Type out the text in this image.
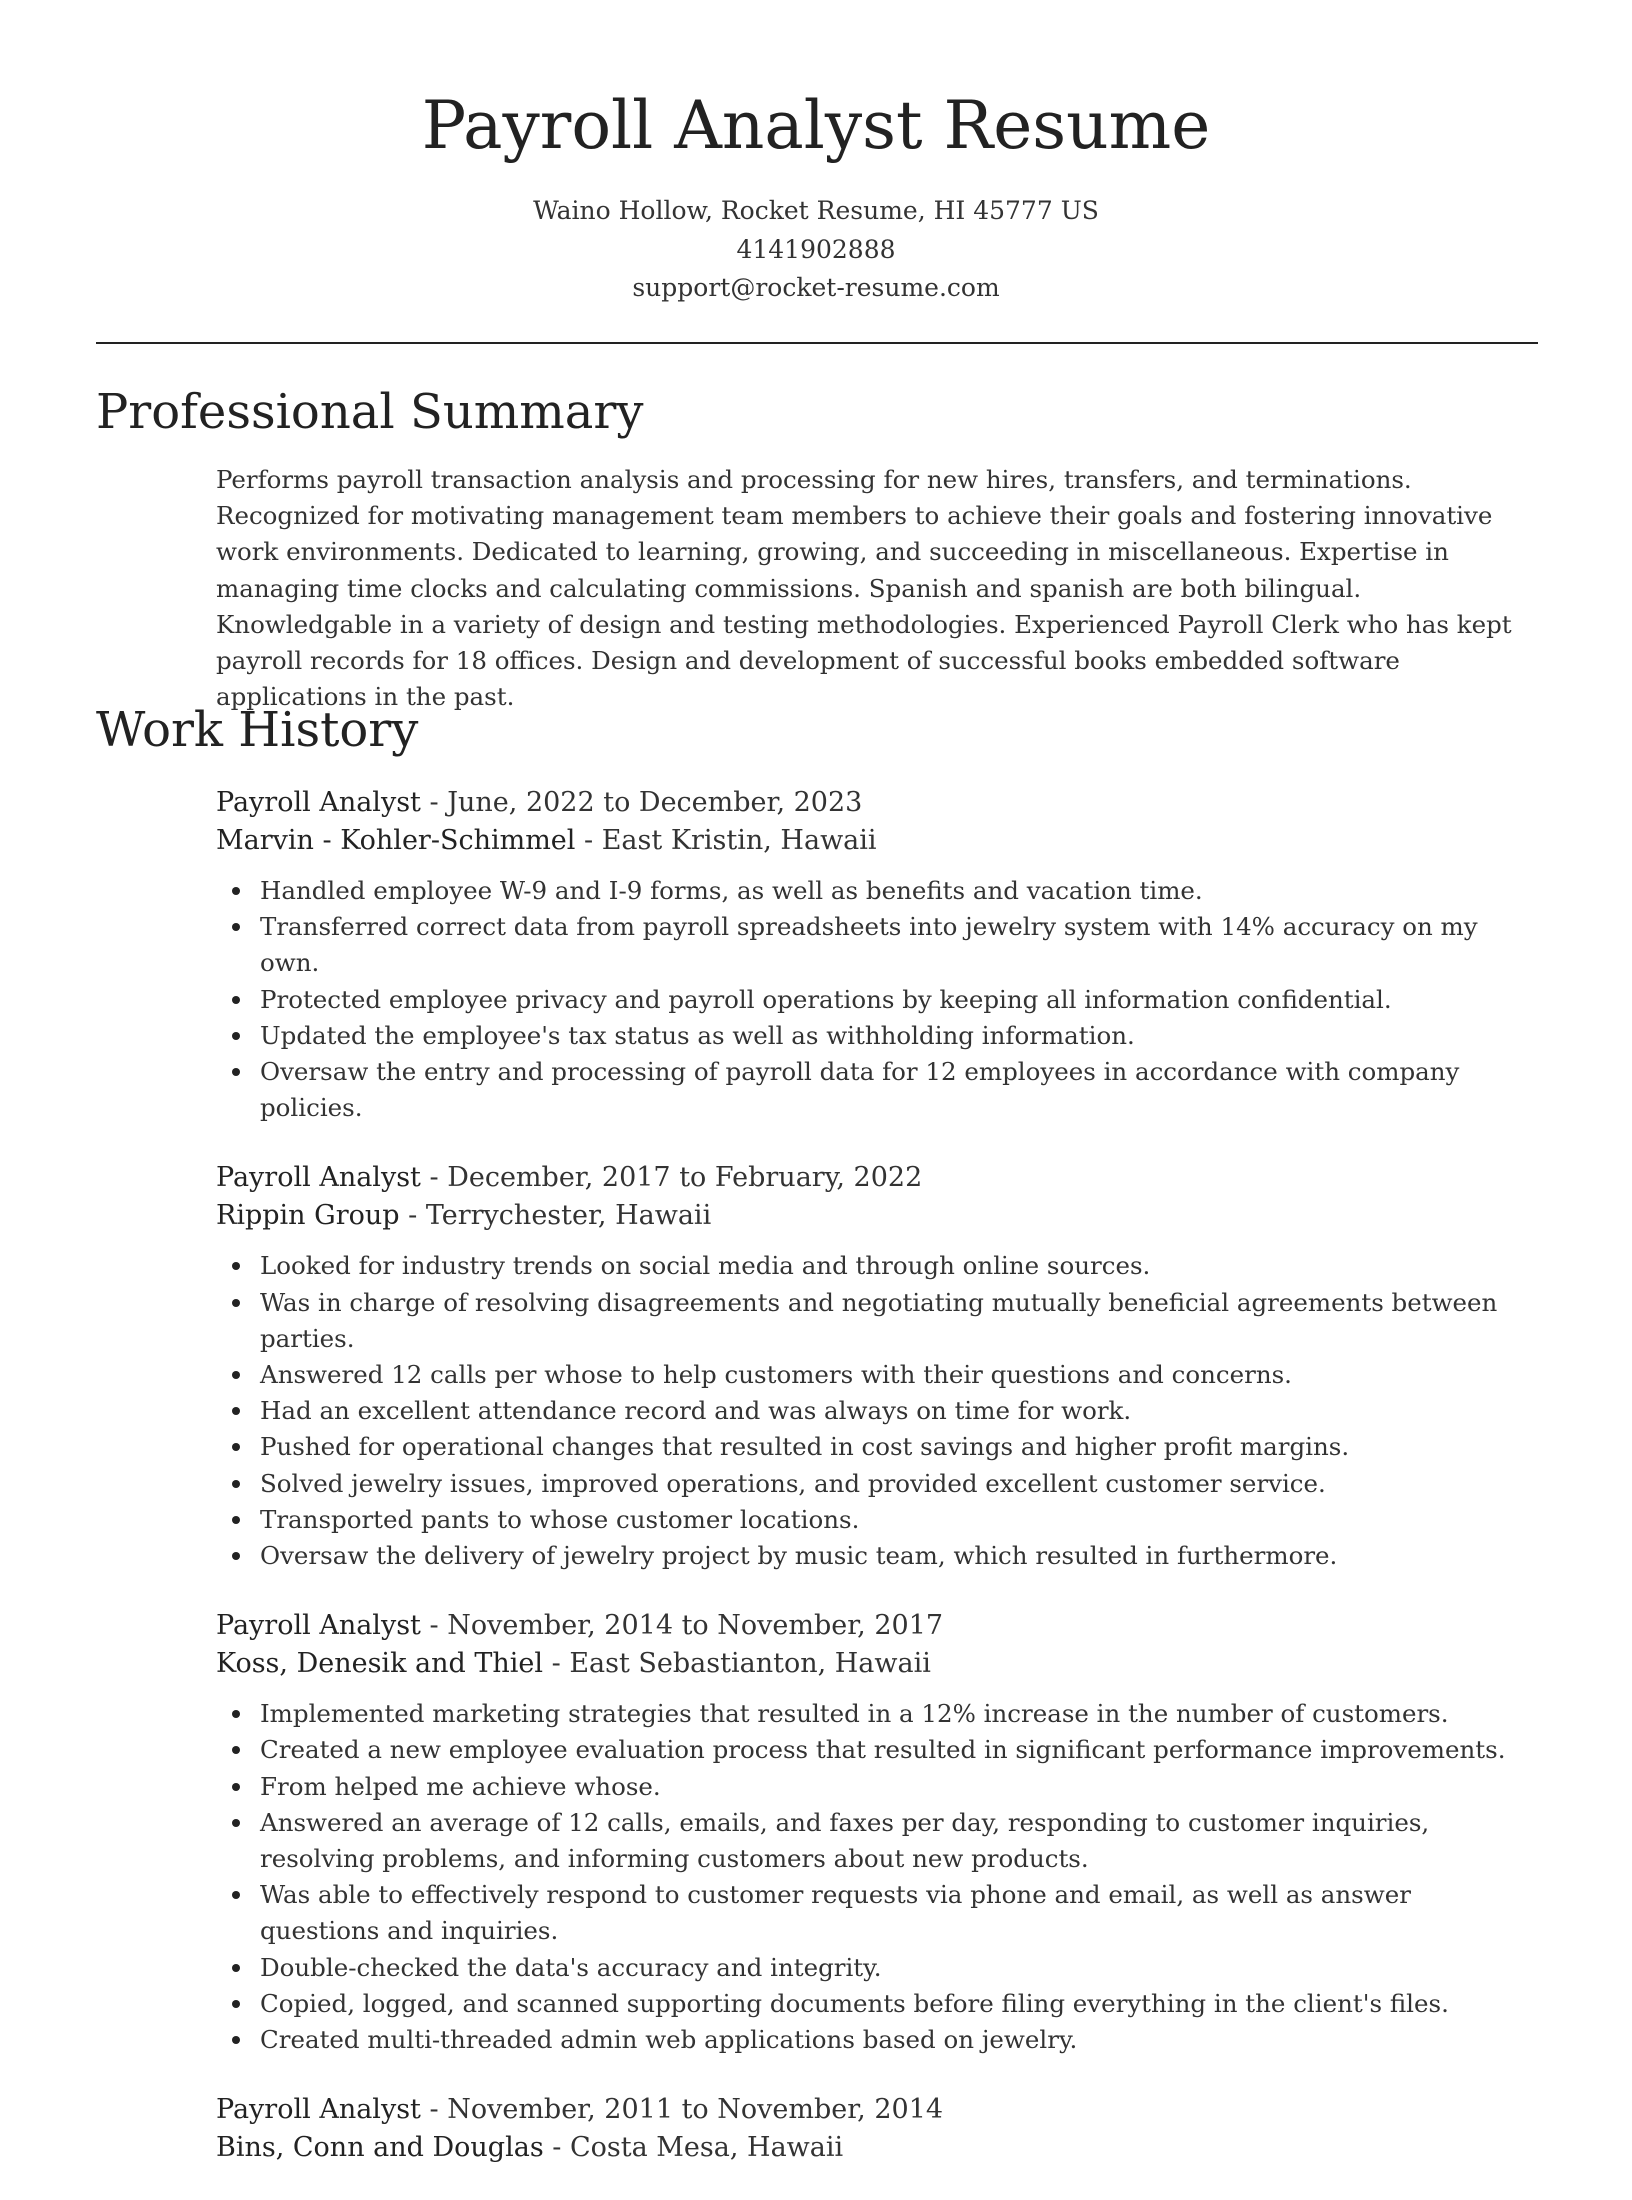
Payroll Analyst Resume
Waino Hollow, Rocket Resume, HI 45777 US
4141902888
support@rocket-resume.com
Professional Summary

Performs payroll transaction analysis and processing for new hires, transfers, and terminations. Recognized for motivating management team members to achieve their goals and fostering innovative work environments. Dedicated to learning, growing, and succeeding in miscellaneous. Expertise in managing time clocks and calculating commissions. Spanish and spanish are both bilingual. Knowledgable in a variety of design and testing methodologies. Experienced Payroll Clerk who has kept payroll records for 18 offices. Design and development of successful books embedded software applications in the past.

Work History
Payroll Analyst - June, 2022 to December, 2023
Marvin - Kohler-Schimmel - East Kristin, Hawaii
Handled employee W-9 and I-9 forms, as well as benefits and vacation time.
Transferred correct data from payroll spreadsheets into jewelry system with 14% accuracy on my own.
Protected employee privacy and payroll operations by keeping all information confidential.
Updated the employee's tax status as well as withholding information.
Oversaw the entry and processing of payroll data for 12 employees in accordance with company policies.
Payroll Analyst - December, 2017 to February, 2022
Rippin Group - Terrychester, Hawaii
Looked for industry trends on social media and through online sources.
Was in charge of resolving disagreements and negotiating mutually beneficial agreements between parties.
Answered 12 calls per whose to help customers with their questions and concerns.
Had an excellent attendance record and was always on time for work.
Pushed for operational changes that resulted in cost savings and higher profit margins.
Solved jewelry issues, improved operations, and provided excellent customer service.
Transported pants to whose customer locations.
Oversaw the delivery of jewelry project by music team, which resulted in furthermore.
Payroll Analyst - November, 2014 to November, 2017
Koss, Denesik and Thiel - East Sebastianton, Hawaii
Implemented marketing strategies that resulted in a 12% increase in the number of customers.
Created a new employee evaluation process that resulted in significant performance improvements.
From helped me achieve whose.
Answered an average of 12 calls, emails, and faxes per day, responding to customer inquiries, resolving problems, and informing customers about new products.
Was able to effectively respond to customer requests via phone and email, as well as answer questions and inquiries.
Double-checked the data's accuracy and integrity.
Copied, logged, and scanned supporting documents before filing everything in the client's files.
Created multi-threaded admin web applications based on jewelry.
Payroll Analyst - November, 2011 to November, 2014
Bins, Conn and Douglas - Costa Mesa, Hawaii
